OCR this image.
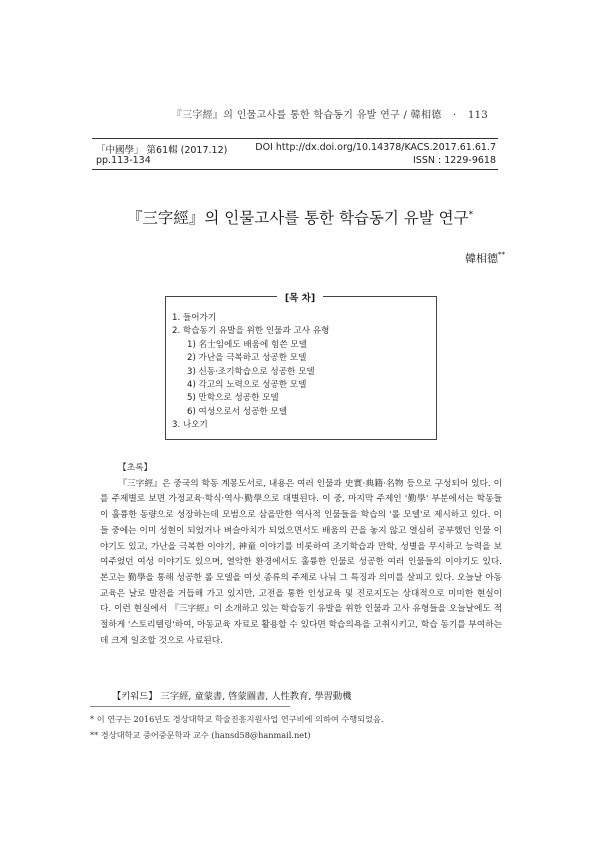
『三字經』의 인물고사를 통한 학습동기 유발 연구 / 韓相德 · 113
「中國學」 第61輯 (2017.12)
pp.113-134
DOI http://dx.doi.org/10.14378/KACS.2017.61.61.7
ISSN : 1229-9618
『三字經』의 인물고사를 통한 학습동기 유발 연구*
韓相德**
[목 차]
1. 들어가기
2. 학습동기 유발을 위한 인물과 고사 유형
1) 名士임에도 배움에 힘쓴 모델
2) 가난을 극복하고 성공한 모델
3) 신동·조기학습으로 성공한 모델
4) 각고의 노력으로 성공한 모델
5) 만학으로 성공한 모델
6) 여성으로서 성공한 모델
3. 나오기
【초록】

『三字經』은 중국의 학동 계몽도서로, 내용은 여러 인물과 史實·典籍·名物 등으로 구성되어 있다. 이를 주제별로 보면 가정교육·학식·역사·勤學으로 대별된다. 이 중, 마지막 주제인 '勤學' 부분에서는 학동들이 훌륭한 동량으로 성장하는데 모범으로 삼을만한 역사적 인물들을 학습의 '롤 모델'로 제시하고 있다. 이들 중에는 이미 성현이 되었거나 벼슬아치가 되었으면서도 배움의 끈을 놓지 않고 열심히 공부했던 인물 이야기도 있고, 가난을 극복한 이야기, 神童 이야기를 비롯하여 조기학습과 만학, 성별을 무시하고 능력을 보여주었던 여성 이야기도 있으며, 열악한 환경에서도 훌륭한 인물로 성공한 여러 인물들의 이야기도 있다. 본고는 勤學을 통해 성공한 롤 모델을 여섯 종류의 주제로 나눠 그 특징과 의미를 살피고 있다. 오늘날 아동교육은 날로 발전을 거듭해 가고 있지만, 고전을 통한 인성교육 및 진로지도는 상대적으로 미미한 현실이다. 이런 현실에서 『三字經』이 소개하고 있는 학습동기 유발을 위한 인물과 고사 유형들을 오늘날에도 적절하게 '스토리텔링'하여, 아동교육 자료로 활용할 수 있다면 학습의욕을 고취시키고, 학습 동기를 부여하는데 크게 일조할 것으로 사료된다.

【키워드】 三字經, 童蒙書, 啓蒙圖書, 人性教育, 學習動機
* 이 연구는 2016년도 경상대학교 학술진흥지원사업 연구비에 의하여 수행되었음.
** 경상대학교 중어중문학과 교수 (hansd58@hanmail.net)
